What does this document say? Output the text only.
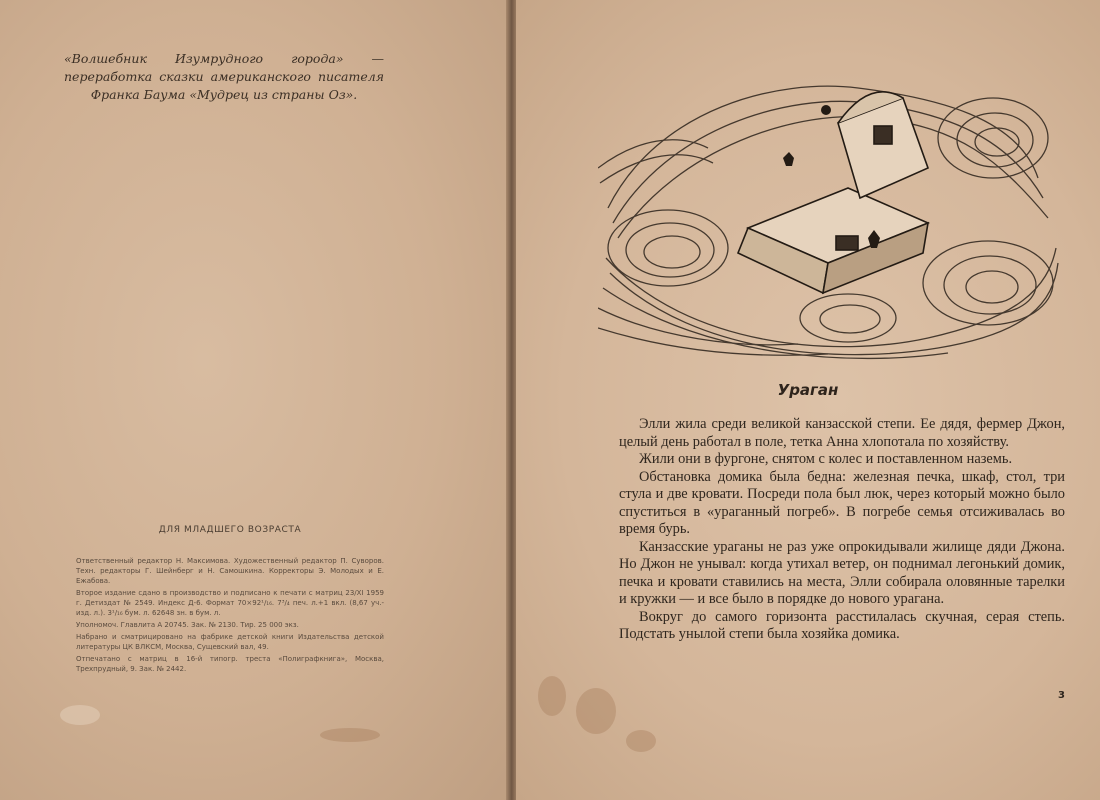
«Волшебник Изумрудного города» — переработка сказки американского писателя

Франка Баума «Мудрец из страны Оз».

ДЛЯ МЛАДШЕГО ВОЗРАСТА

Ответственный редактор Н. Максимова. Художественный редактор П. Суворов. Техн. редакторы Г. Шейнберг и Н. Самошкина. Корректоры Э. Молодых и Е. Ежабова.

Второе издание сдано в производство и подписано к печати с матриц 23/XI 1959 г. Детиздат № 2549. Индекс Д-6. Формат 70×92¹/₁₆. 7³/₄ печ. л.+1 вкл. (8,67 уч.-изд. л.). 3¹/₁₆ бум. л. 62648 зн. в бум. л.

Уполномоч. Главлита А 20745. Зак. № 2130. Тир. 25 000 экз.

Набрано и сматрицировано на фабрике детской книги Издательства детской литературы ЦК ВЛКСМ, Москва, Сущевский вал, 49.

Отпечатано с матриц в 16-й типогр. треста «Полиграфкнига», Москва, Трехпрудный, 9. Зак. № 2442.

Ураган

Элли жила среди великой канзасской степи. Ее дядя, фермер Джон, целый день работал в поле, тетка Анна хлопотала по хозяйству.

Жили они в фургоне, снятом с колес и поставленном наземь.

Обстановка домика была бедна: железная печка, шкаф, стол, три стула и две кровати. Посреди пола был люк, через который можно было спуститься в «ураганный погреб». В погребе семья отсиживалась во время бурь.

Канзасские ураганы не раз уже опрокидывали жилище дяди Джона. Но Джон не унывал: когда утихал ветер, он поднимал легонький домик, печка и кровати ставились на места, Элли собирала оловянные тарелки и кружки — и все было в порядке до нового урагана.

Вокруг до самого горизонта расстилалась скучная, серая степь. Подстать унылой степи была хозяйка домика.

3
